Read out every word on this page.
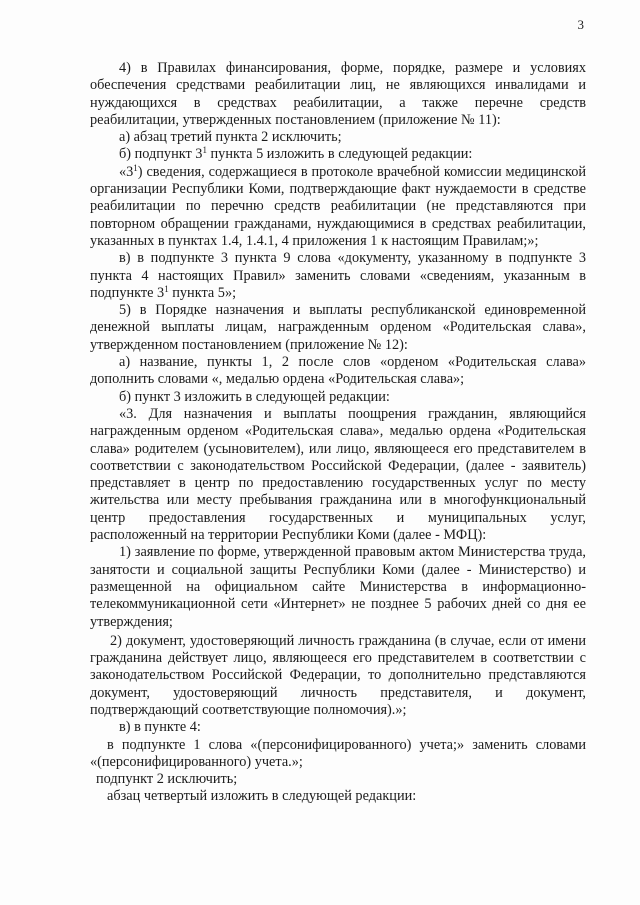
3

4) в Правилах финансирования, форме, порядке, размере и условиях обеспечения средствами реабилитации лиц, не являющихся инвалидами и нуждающихся в средствах реабилитации, а также перечне средств реабилитации, утвержденных постановлением (приложение № 11):

а) абзац третий пункта 2 исключить;

б) подпункт $3^1$ пункта 5 изложить в следующей редакции:

«$3^1$) сведения, содержащиеся в протоколе врачебной комиссии медицинской организации Республики Коми, подтверждающие факт нуждаемости в средстве реабилитации по перечню средств реабилитации (не представляются при повторном обращении гражданами, нуждающимися в средствах реабилитации, указанных в пунктах 1.4, 1.4.1, 4 приложения 1 к настоящим Правилам;»;

в) в подпункте 3 пункта 9 слова «документу, указанному в подпункте 3 пункта 4 настоящих Правил» заменить словами «сведениям, указанным в подпункте $3^1$ пункта 5»;

5) в Порядке назначения и выплаты республиканской единовременной денежной выплаты лицам, награжденным орденом «Родительская слава», утвержденном постановлением (приложение № 12):

а) название, пункты 1, 2 после слов «орденом «Родительская слава» дополнить словами «, медалью ордена «Родительская слава»;

б) пункт 3 изложить в следующей редакции:

«3. Для назначения и выплаты поощрения гражданин, являющийся награжденным орденом «Родительская слава», медалью ордена «Родительская слава» родителем (усыновителем), или лицо, являющееся его представителем в соответствии с законодательством Российской Федерации, (далее - заявитель) представляет в центр по предоставлению государственных услуг по месту жительства или месту пребывания гражданина или в многофункциональный центр предоставления государственных и муниципальных услуг, расположенный на территории Республики Коми (далее - МФЦ):

1) заявление по форме, утвержденной правовым актом Министерства труда, занятости и социальной защиты Республики Коми (далее - Министерство) и размещенной на официальном сайте Министерства в информационно-телекоммуникационной сети «Интернет» не позднее 5 рабочих дней со дня ее утверждения;

2) документ, удостоверяющий личность гражданина (в случае, если от имени гражданина действует лицо, являющееся его представителем в соответствии с законодательством Российской Федерации, то дополнительно представляются документ, удостоверяющий личность представителя, и документ, подтверждающий соответствующие полномочия).»;

в) в пункте 4:

в подпункте 1 слова «(персонифицированного) учета;» заменить словами «(персонифицированного) учета.»;

подпункт 2 исключить;

абзац четвертый изложить в следующей редакции:
